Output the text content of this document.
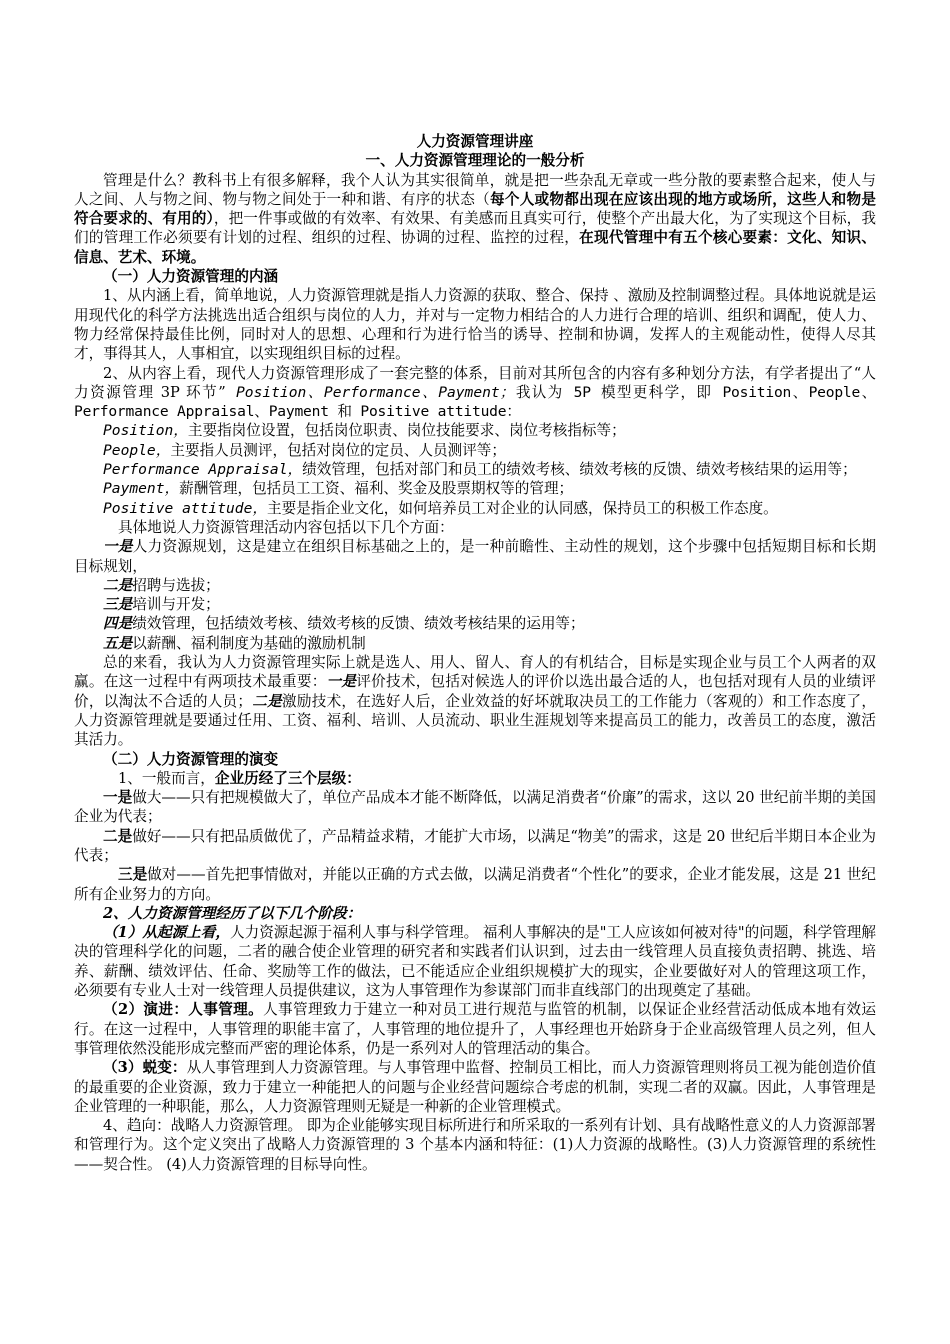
人力资源管理讲座

一、人力资源管理理论的一般分析

管理是什么？教科书上有很多解释，我个人认为其实很简单，就是把一些杂乱无章或一些分散的要素整合起来，使人与人之间、人与物之间、物与物之间处于一种和谐、有序的状态（每个人或物都出现在应该出现的地方或场所，这些人和物是符合要求的、有用的），把一件事或做的有效率、有效果、有美感而且真实可行，使整个产出最大化，为了实现这个目标，我们的管理工作必须要有计划的过程、组织的过程、协调的过程、监控的过程，在现代管理中有五个核心要素：文化、知识、信息、艺术、环境。

（一）人力资源管理的内涵

1、从内涵上看，简单地说，人力资源管理就是指人力资源的获取、整合、保持 、激励及控制调整过程。具体地说就是运用现代化的科学方法挑选出适合组织与岗位的人力，并对与一定物力相结合的人力进行合理的培训、组织和调配，使人力、物力经常保持最佳比例，同时对人的思想、心理和行为进行恰当的诱导、控制和协调，发挥人的主观能动性，使得人尽其才，事得其人，人事相宜，以实现组织目标的过程。

2、从内容上看，现代人力资源管理形成了一套完整的体系，目前对其所包含的内容有多种划分方法，有学者提出了“人力资源管理 3P 环节” Position、Performance、Payment；我认为 5P 模型更科学，即 Position、People、Performance Appraisal、Payment 和 Positive attitude：

Position，主要指岗位设置，包括岗位职责、岗位技能要求、岗位考核指标等；

People，主要指人员测评，包括对岗位的定员、人员测评等；

Performance Appraisal，绩效管理，包括对部门和员工的绩效考核、绩效考核的反馈、绩效考核结果的运用等；

Payment，薪酬管理，包括员工工资、福利、奖金及股票期权等的管理；

Positive attitude，主要是指企业文化，如何培养员工对企业的认同感，保持员工的积极工作态度。

具体地说人力资源管理活动内容包括以下几个方面：

一是人力资源规划，这是建立在组织目标基础之上的，是一种前瞻性、主动性的规划，这个步骤中包括短期目标和长期目标规划，

二是招聘与选拔；

三是培训与开发；

四是绩效管理，包括绩效考核、绩效考核的反馈、绩效考核结果的运用等；

五是以薪酬、福利制度为基础的激励机制

总的来看，我认为人力资源管理实际上就是选人、用人、留人、育人的有机结合，目标是实现企业与员工个人两者的双赢。在这一过程中有两项技术最重要：一是评价技术，包括对候选人的评价以选出最合适的人，也包括对现有人员的业绩评价，以淘汰不合适的人员；二是激励技术，在选好人后，企业效益的好坏就取决员工的工作能力（客观的）和工作态度了，人力资源管理就是要通过任用、工资、福利、培训、人员流动、职业生涯规划等来提高员工的能力，改善员工的态度，激活其活力。

（二）人力资源管理的演变

1、一般而言，企业历经了三个层级：

一是做大——只有把规模做大了，单位产品成本才能不断降低，以满足消费者“价廉”的需求，这以 20 世纪前半期的美国企业为代表；

二是做好——只有把品质做优了，产品精益求精，才能扩大市场，以满足“物美”的需求，这是 20 世纪后半期日本企业为代表；

三是做对——首先把事情做对，并能以正确的方式去做，以满足消费者“个性化”的要求，企业才能发展，这是 21 世纪所有企业努力的方向。

2、人力资源管理经历了以下几个阶段：

（1）从起源上看，人力资源起源于福利人事与科学管理。 福利人事解决的是"工人应该如何被对待"的问题，科学管理解决的管理科学化的问题，二者的融合使企业管理的研究者和实践者们认识到，过去由一线管理人员直接负责招聘、挑选、培养、薪酬、绩效评估、任命、奖励等工作的做法，已不能适应企业组织规模扩大的现实，企业要做好对人的管理这项工作，必须要有专业人士对一线管理人员提供建议，这为人事管理作为参谋部门而非直线部门的出现奠定了基础。

（2）演进：人事管理。人事管理致力于建立一种对员工进行规范与监管的机制，以保证企业经营活动低成本地有效运行。在这一过程中，人事管理的职能丰富了，人事管理的地位提升了，人事经理也开始跻身于企业高级管理人员之列，但人事管理依然没能形成完整而严密的理论体系，仍是一系列对人的管理活动的集合。

（3）蜕变：从人事管理到人力资源管理。与人事管理中监督、控制员工相比，而人力资源管理则将员工视为能创造价值的最重要的企业资源，致力于建立一种能把人的问题与企业经营问题综合考虑的机制，实现二者的双赢。因此，人事管理是企业管理的一种职能，那么，人力资源管理则无疑是一种新的企业管理模式。

4、趋向：战略人力资源管理。 即为企业能够实现目标所进行和所采取的一系列有计划、具有战略性意义的人力资源部署和管理行为。这个定义突出了战略人力资源管理的 3 个基本内涵和特征：(1)人力资源的战略性。(3)人力资源管理的系统性——契合性。 (4)人力资源管理的目标导向性。
